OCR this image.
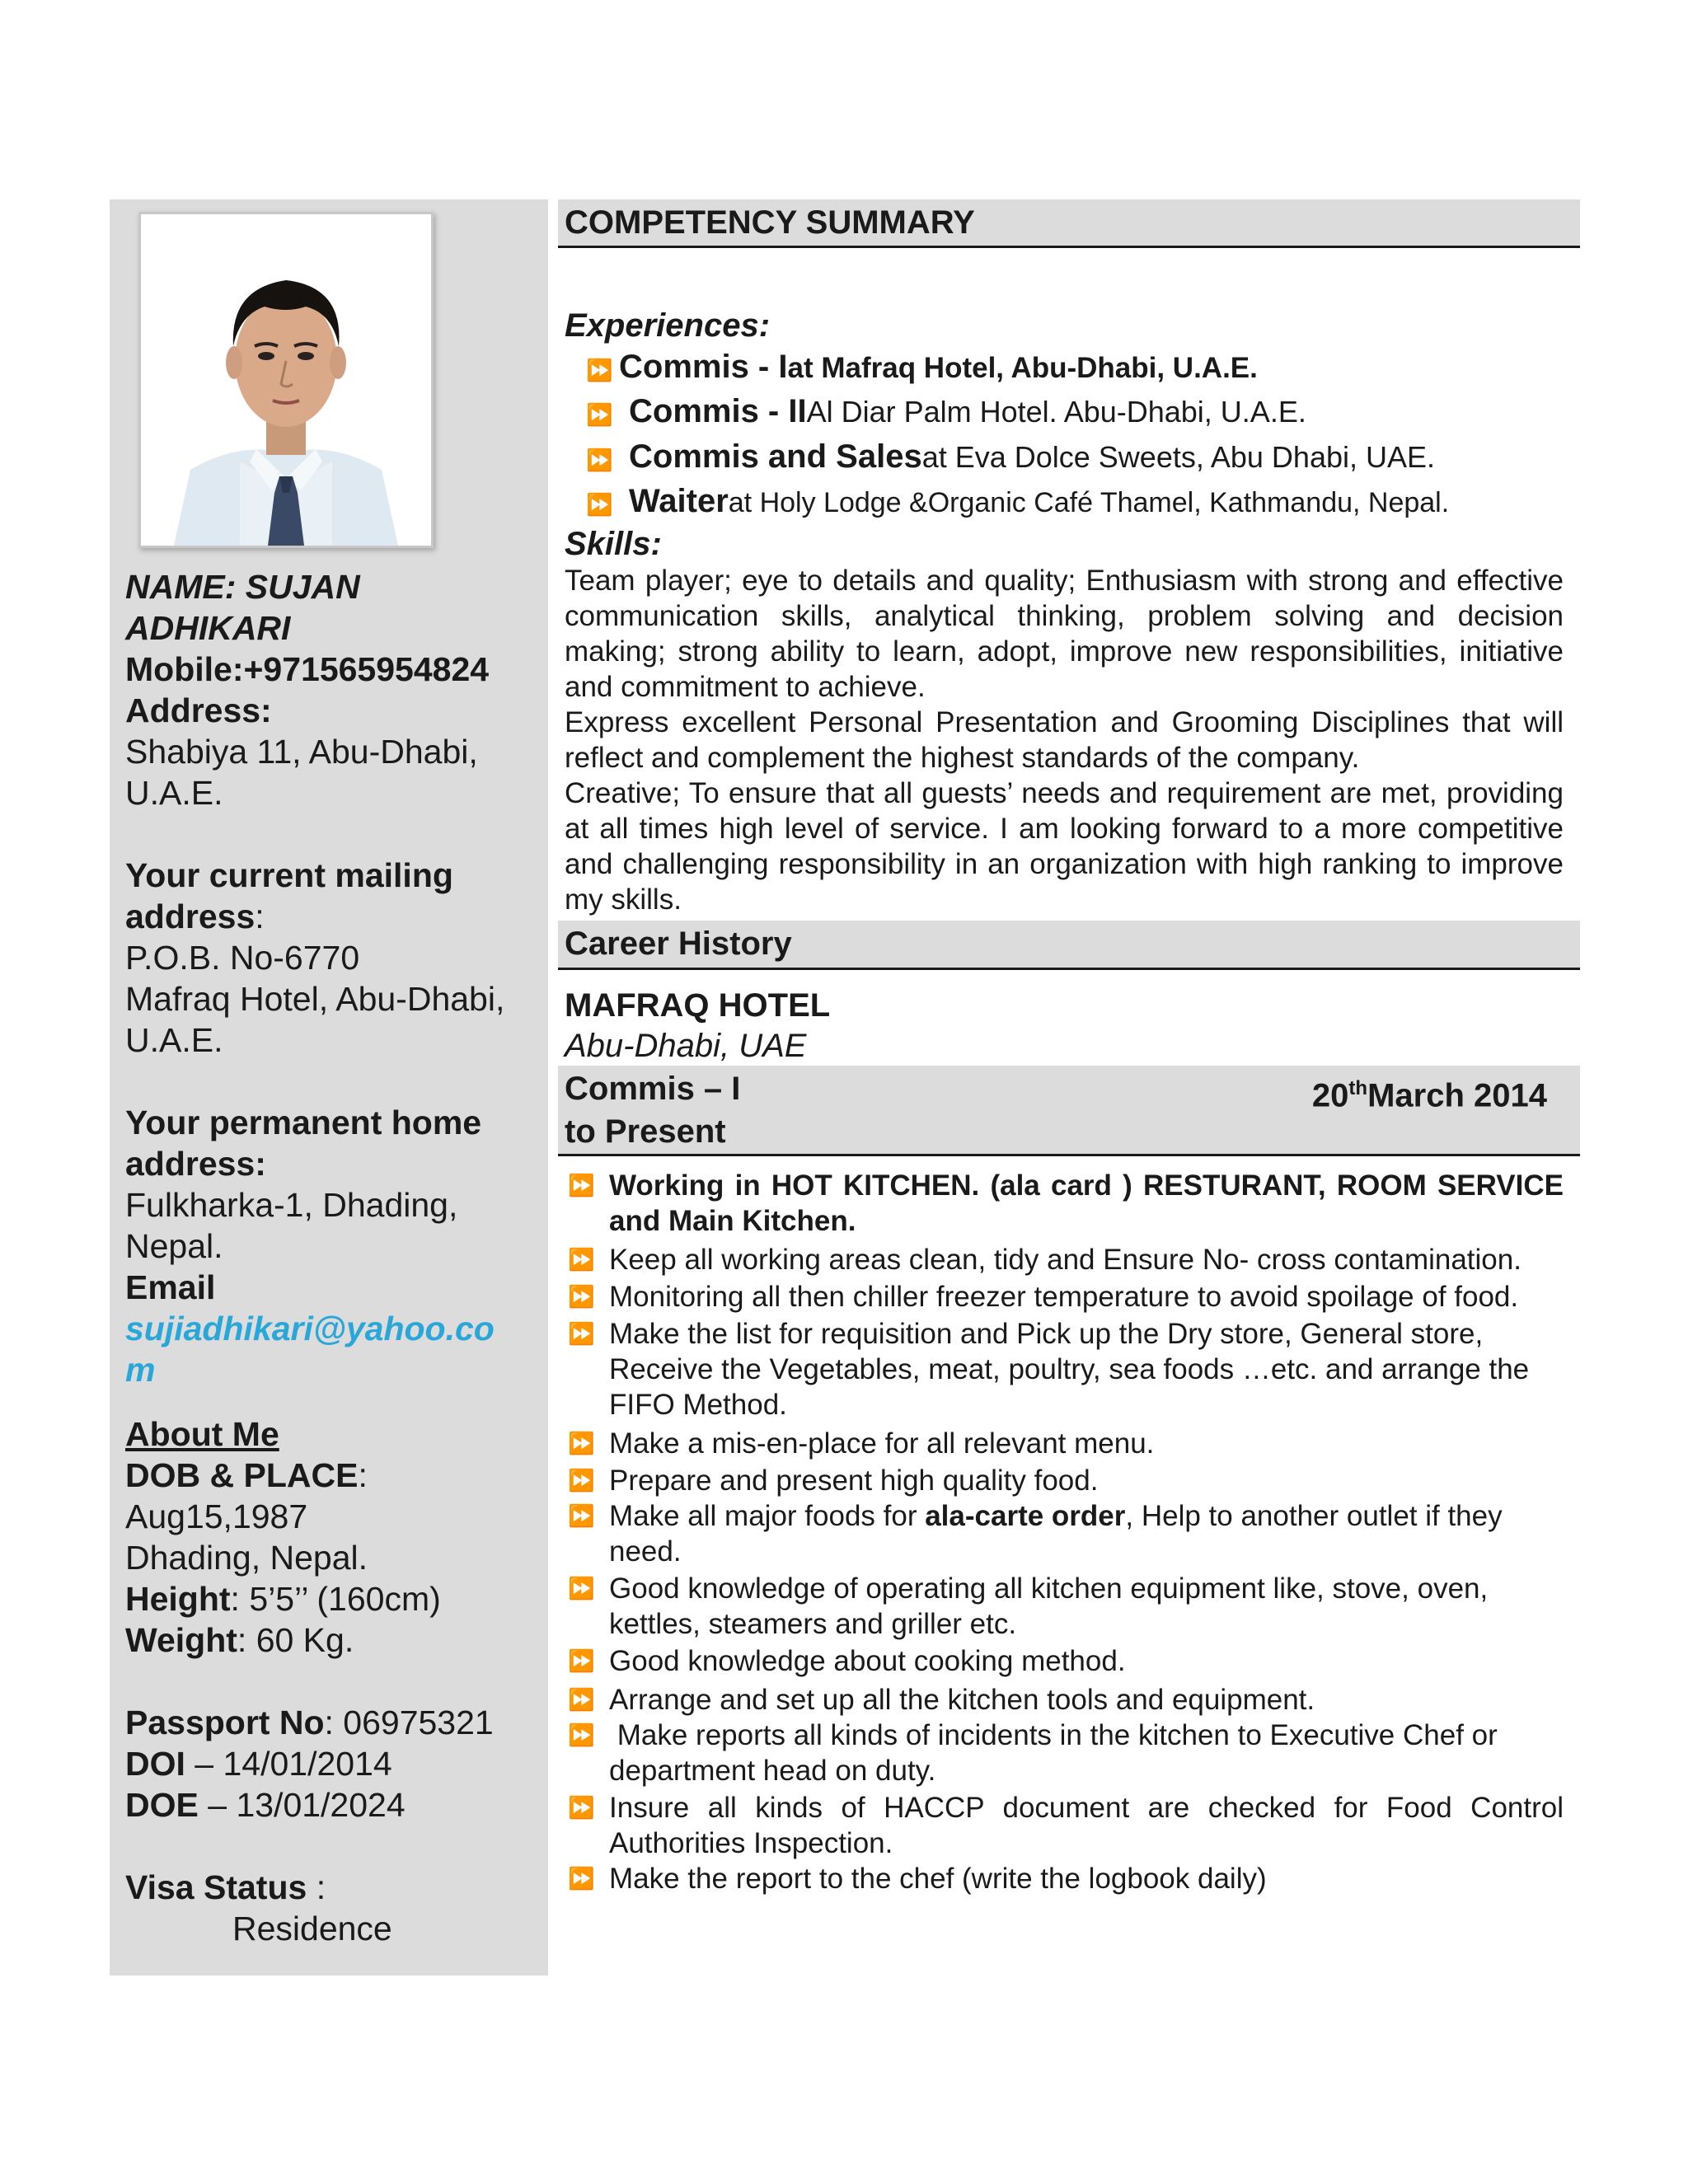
NAME: SUJAN
ADHIKARI
Mobile:+971565954824
Address:
Shabiya 11, Abu-Dhabi,
U.A.E.
Your current mailing
address:
P.O.B. No-6770
Mafraq Hotel, Abu-Dhabi,
U.A.E.
Your permanent home
address:
Fulkharka-1, Dhading,
Nepal.
Email
sujiadhikari@yahoo.co
m
About Me
DOB & PLACE:
Aug15,1987
Dhading, Nepal.
Height: 5’5’’ (160cm)
Weight: 60 Kg.
Passport No: 06975321
DOI – 14/01/2014
DOE – 13/01/2024
Visa Status :
Residence
COMPETENCY SUMMARY
Experiences:
⏩ Commis - I at Mafraq Hotel, Abu-Dhabi, U.A.E.
⏩ Commis - II Al Diar Palm Hotel. Abu-Dhabi, U.A.E.
⏩ Commis and Sales at Eva Dolce Sweets, Abu Dhabi, UAE.
⏩ Waiter at Holy Lodge &Organic Café Thamel, Kathmandu, Nepal.
Skills:
Team player; eye to details and quality; Enthusiasm with strong and effective communication skills, analytical thinking, problem solving and decision making; strong ability to learn, adopt, improve new responsibilities, initiative and commitment to achieve.
Express excellent Personal Presentation and Grooming Disciplines that will reflect and complement the highest standards of the company.
Creative; To ensure that all guests’ needs and requirement are met, providing at all times high level of service. I am looking forward to a more competitive and challenging responsibility in an organization with high ranking to improve my skills.
Career History
MAFRAQ HOTEL
Abu-Dhabi, UAE
Commis – I
to Present
20thMarch 2014
⏩ Working in HOT KITCHEN. (ala card ) RESTURANT, ROOM SERVICE and Main Kitchen.
⏩ Keep all working areas clean, tidy and Ensure No- cross contamination.
⏩ Monitoring all then chiller freezer temperature to avoid spoilage of food.
⏩ Make the list for requisition and Pick up the Dry store, General store, Receive the Vegetables, meat, poultry, sea foods …etc. and arrange the FIFO Method.
⏩ Make a mis-en-place for all relevant menu.
⏩ Prepare and present high quality food.
⏩ Make all major foods for ala-carte order, Help to another outlet if they need.
⏩ Good knowledge of operating all kitchen equipment like, stove, oven, kettles, steamers and griller etc.
⏩ Good knowledge about cooking method.
⏩ Arrange and set up all the kitchen tools and equipment.
⏩ Make reports all kinds of incidents in the kitchen to Executive Chef or department head on duty.
⏩ Insure all kinds of HACCP document are checked for Food Control Authorities Inspection.
⏩ Make the report to the chef (write the logbook daily)
